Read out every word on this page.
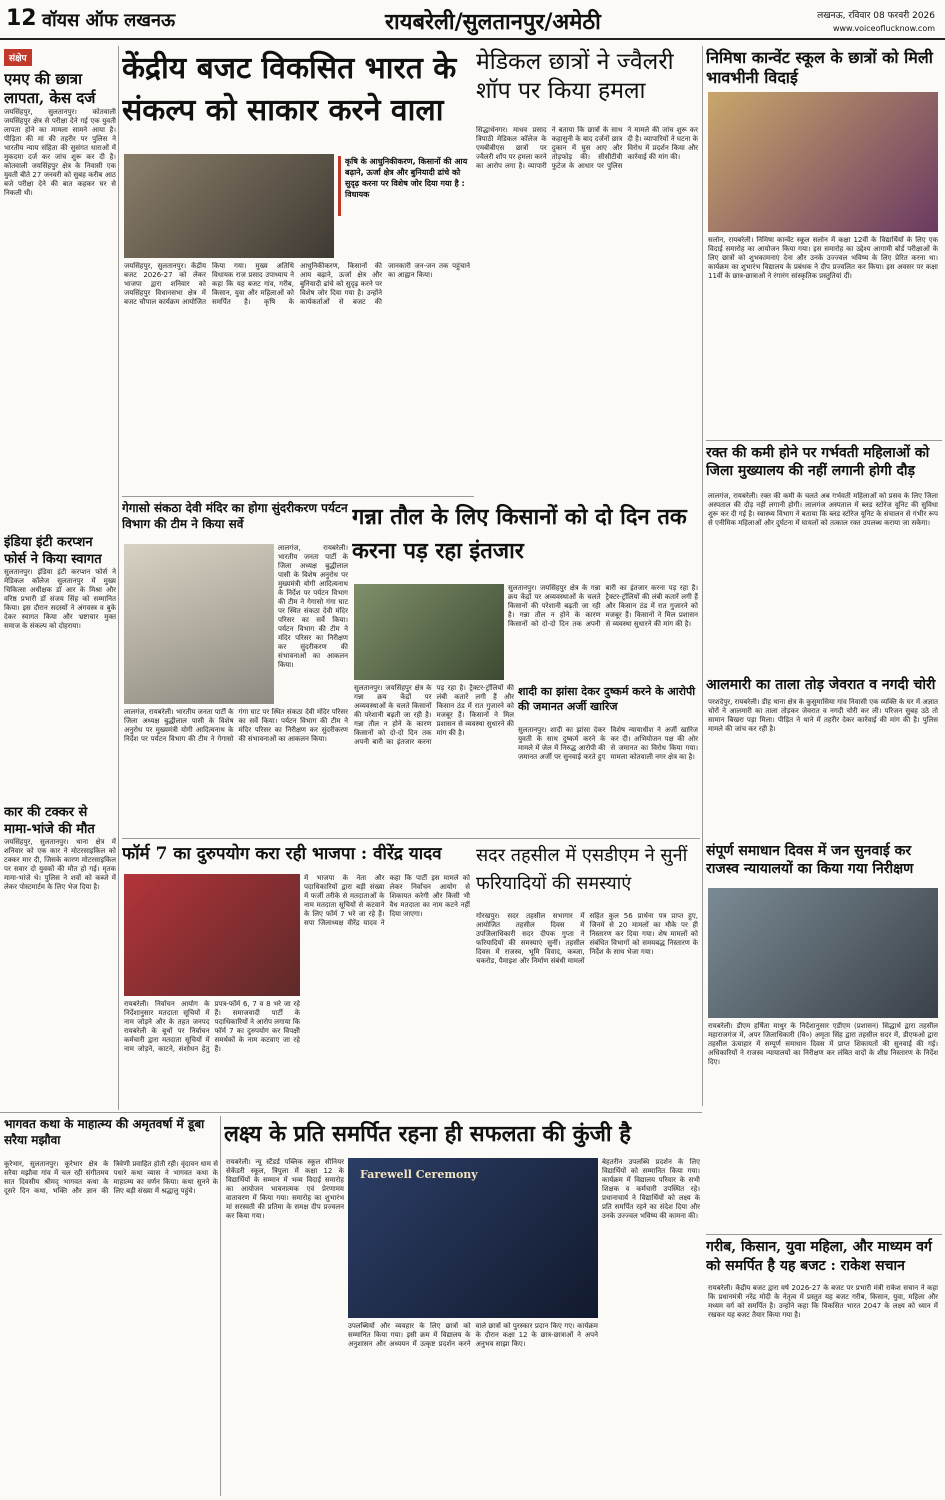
12 वॉयस ऑफ लखनऊ	रायबरेली/सुलतानपुर/अमेठी	लखनऊ, रविवार 08 फरवरी 2026
www.voiceoflucknow.com
संक्षेप
एमए की छात्रा लापता, केस दर्ज
जयसिंहपुर, सुलतानपुर। कोतवाली जयसिंहपुर क्षेत्र से परीक्षा देने गई एक युवती लापता होने का मामला सामने आया है। पीड़िता की मां की तहरीर पर पुलिस ने भारतीय न्याय संहिता की सुसंगत धाराओं में मुकदमा दर्ज कर जांच शुरू कर दी है। कोतवाली जयसिंहपुर क्षेत्र के निवासी एक युवती बीते 27 जनवरी को सुबह करीब आठ बजे परीक्षा देने की बात कहकर घर से निकली थी।
इंडिया इंटी करप्शन फोर्स ने किया स्वागत
सुलतानपुर। इंडिया इंटी करप्शन फोर्स ने मेडिकल कॉलेज सुलतानपुर में मुख्य चिकित्सा अधीक्षक डॉ आर के मिश्रा और वरिष्ठ प्रभारी डॉ संजय सिंह को सम्मानित किया। इस दौरान सदस्यों ने अंगवस्त्र व बुके देकर स्वागत किया और भ्रष्टाचार मुक्त समाज के संकल्प को दोहराया।
कार की टक्कर से मामा-भांजे की मौत
जयसिंहपुर, सुलतानपुर। थाना क्षेत्र में शनिवार को एक कार ने मोटरसाइकिल को टक्कर मार दी, जिसके कारण मोटरसाइकिल पर सवार दो युवकों की मौत हो गई। मृतक मामा-भांजे थे। पुलिस ने शवों को कब्जे में लेकर पोस्टमार्टम के लिए भेज दिया है।
केंद्रीय बजट विकसित भारत के संकल्प को साकार करने वाला
कृषि के आधुनिकीकरण, किसानों की आय बढ़ाने, ऊर्जा क्षेत्र और बुनियादी ढांचे को सुदृढ़ करना पर विशेष जोर दिया गया है : विधायक
जयसिंहपुर, सुलतानपुर। केंद्रीय बजट 2026-27 को लेकर भाजपा द्वारा शनिवार को जयसिंहपुर विधानसभा क्षेत्र में बजट चौपाल कार्यक्रम आयोजित किया गया। मुख्य अतिथि विधायक राज प्रसाद उपाध्याय ने कहा कि यह बजट गांव, गरीब, किसान, युवा और महिलाओं को समर्पित है। कृषि के आधुनिकीकरण, किसानों की आय बढ़ाने, ऊर्जा क्षेत्र और बुनियादी ढांचे को सुदृढ़ करने पर विशेष जोर दिया गया है। उन्होंने कार्यकर्ताओं से बजट की जानकारी जन-जन तक पहुंचाने का आह्वान किया।
मेडिकल छात्रों ने ज्वैलरी शॉप पर किया हमला
सिद्धार्थनगर। माधव प्रसाद त्रिपाठी मेडिकल कॉलेज के एमबीबीएस छात्रों पर ज्वैलरी शॉप पर हमला करने का आरोप लगा है। व्यापारी ने बताया कि छात्रों के साथ कहासुनी के बाद दर्जनों छात्र दुकान में घुस आए और तोड़फोड़ की। सीसीटीवी फुटेज के आधार पर पुलिस ने मामले की जांच शुरू कर दी है। व्यापारियों ने घटना के विरोध में प्रदर्शन किया और कार्रवाई की मांग की।
निमिषा कान्वेंट स्कूल के छात्रों को मिली भावभीनी विदाई
सलोन, रायबरेली। निमिषा कान्वेंट स्कूल सलोन में कक्षा 12वीं के विद्यार्थियों के लिए एक विदाई समारोह का आयोजन किया गया। इस समारोह का उद्देश्य आगामी बोर्ड परीक्षाओं के लिए छात्रों को शुभकामनाएं देना और उनके उज्ज्वल भविष्य के लिए प्रेरित करना था। कार्यक्रम का शुभारंभ विद्यालय के प्रबंधक ने दीप प्रज्वलित कर किया। इस अवसर पर कक्षा 11वीं के छात्र-छात्राओं ने रंगारंग सांस्कृतिक प्रस्तुतियां दीं।
रक्त की कमी होने पर गर्भवती महिलाओं को जिला मुख्यालय की नहीं लगानी होगी दौड़
लालगंज, रायबरेली। रक्त की कमी के चलते अब गर्भवती महिलाओं को प्रसव के लिए जिला अस्पताल की दौड़ नहीं लगानी होगी। लालगंज अस्पताल में ब्लड स्टोरेज यूनिट की सुविधा शुरू कर दी गई है। स्वास्थ्य विभाग ने बताया कि ब्लड स्टोरेज यूनिट के संचालन से गंभीर रूप से एनीमिक महिलाओं और दुर्घटना में घायलों को तत्काल रक्त उपलब्ध कराया जा सकेगा।
आलमारी का ताला तोड़ जेवरात व नगदी चोरी
परशदेपुर, रायबरेली। डीह थाना क्षेत्र के कुसुमासिया गांव निवासी एक व्यक्ति के घर में अज्ञात चोरों ने आलमारी का ताला तोड़कर जेवरात व नगदी चोरी कर ली। परिजन सुबह उठे तो सामान बिखरा पड़ा मिला। पीड़ित ने थाने में तहरीर देकर कार्रवाई की मांग की है। पुलिस मामले की जांच कर रही है।
संपूर्ण समाधान दिवस में जन सुनवाई कर राजस्व न्यायालयों का किया गया निरीक्षण
रायबरेली। डीएम हर्षिता माथुर के निर्देशानुसार एडीएम (प्रशासन) सिद्धार्थ द्वारा तहसील महाराजगंज में, अपर जिलाधिकारी (वि०) अमृता सिंह द्वारा तहसील सदर में, डीएफओ द्वारा तहसील ऊंचाहार में सम्पूर्ण समाधान दिवस में प्राप्त शिकायतों की सुनवाई की गई। अधिकारियों ने राजस्व न्यायालयों का निरीक्षण कर लंबित वादों के शीघ्र निस्तारण के निर्देश दिए।
गेगासो संकठा देवी मंदिर का होगा सुंदरीकरण पर्यटन विभाग की टीम ने किया सर्वे
लालगंज, रायबरेली। भारतीय जनता पार्टी के जिला अध्यक्ष बुद्धीलाल पासी के विशेष अनुरोध पर मुख्यमंत्री योगी आदित्यनाथ के निर्देश पर पर्यटन विभाग की टीम ने गेगासो गंगा घाट पर स्थित संकठा देवी मंदिर परिसर का सर्वे किया। पर्यटन विभाग की टीम ने मंदिर परिसर का निरीक्षण कर सुंदरीकरण की संभावनाओं का आकलन किया।
लालगंज, रायबरेली। भारतीय जनता पार्टी के जिला अध्यक्ष बुद्धीलाल पासी के विशेष अनुरोध पर मुख्यमंत्री योगी आदित्यनाथ के निर्देश पर पर्यटन विभाग की टीम ने गेगासो गंगा घाट पर स्थित संकठा देवी मंदिर परिसर का सर्वे किया। पर्यटन विभाग की टीम ने मंदिर परिसर का निरीक्षण कर सुंदरीकरण की संभावनाओं का आकलन किया।
गन्ना तौल के लिए किसानों को दो दिन तक करना पड़ रहा इंतजार
सुलतानपुर। जयसिंहपुर क्षेत्र के गन्ना क्रय केंद्रों पर अव्यवस्थाओं के चलते किसानों की परेशानी बढ़ती जा रही है। गन्ना तौल न होने के कारण किसानों को दो-दो दिन तक अपनी बारी का इंतजार करना पड़ रहा है। ट्रैक्टर-ट्रॉलियों की लंबी कतारें लगी हैं और किसान ठंड में रात गुजारने को मजबूर हैं। किसानों ने मिल प्रशासन से व्यवस्था सुधारने की मांग की है।
सुलतानपुर। जयसिंहपुर क्षेत्र के गन्ना क्रय केंद्रों पर अव्यवस्थाओं के चलते किसानों की परेशानी बढ़ती जा रही है। गन्ना तौल न होने के कारण किसानों को दो-दो दिन तक अपनी बारी का इंतजार करना पड़ रहा है। ट्रैक्टर-ट्रॉलियों की लंबी कतारें लगी हैं और किसान ठंड में रात गुजारने को मजबूर हैं। किसानों ने मिल प्रशासन से व्यवस्था सुधारने की मांग की है।
शादी का झांसा देकर दुष्कर्म करने के आरोपी की जमानत अर्जी खारिज
सुलतानपुर। शादी का झांसा देकर युवती के साथ दुष्कर्म करने के मामले में जेल में निरुद्ध आरोपी की जमानत अर्जी पर सुनवाई करते हुए विशेष न्यायाधीश ने अर्जी खारिज कर दी। अभियोजन पक्ष की ओर से जमानत का विरोध किया गया। मामला कोतवाली नगर क्षेत्र का है।
फॉर्म 7 का दुरुपयोग करा रही भाजपा : वीरेंद्र यादव
रायबरेली। निर्वाचन आयोग के निर्देशानुसार मतदाता सूचियों में नाम जोड़ने और के तहत जनपद रायबरेली के बूथों पर निर्वाचन कर्मचारी द्वारा मतदाता सूचियों में नाम जोड़ने, काटने, संशोधन हेतु प्रपत्र-फॉर्म 6, 7 व 8 भरे जा रहे हैं। समाजवादी पार्टी के पदाधिकारियों ने आरोप लगाया कि फॉर्म 7 का दुरुपयोग कर विपक्षी समर्थकों के नाम कटवाए जा रहे हैं।
में भाजपा के नेता और पदाधिकारियों द्वारा बड़ी संख्या में फर्जी तरीके से मतदाताओं के नाम मतदाता सूचियों से कटवाने के लिए फॉर्म 7 भरे जा रहे हैं। सपा जिलाध्यक्ष वीरेंद्र यादव ने कहा कि पार्टी इस मामले को लेकर निर्वाचन आयोग से शिकायत करेगी और किसी भी वैध मतदाता का नाम कटने नहीं दिया जाएगा।
सदर तहसील में एसडीएम ने सुनीं फरियादियों की समस्याएं
गोरखपुर। सदर तहसील सभागार में आयोजित तहसील दिवस में उपजिलाधिकारी सदर दीपक गुप्ता ने फरियादियों की समस्याएं सुनीं। तहसील दिवस में राजस्व, भूमि विवाद, कब्जा, चकरोड, पैमाइश और निर्माण संबंधी मामलों सहित कुल 56 प्रार्थना पत्र प्राप्त हुए, जिनमें से 20 मामलों का मौके पर ही निस्तारण कर दिया गया। शेष मामलों को संबंधित विभागों को समयबद्ध निस्तारण के निर्देश के साथ भेजा गया।
भागवत कथा के माहात्म्य की अमृतवर्षा में डूबा सरैया मझौवा
कूरेभार, सुलतानपुर। कूरेभार क्षेत्र के सरैया मझौवा गांव में चल रही संगीतमय सात दिवसीय श्रीमद् भागवत कथा के दूसरे दिन कथा, भक्ति और ज्ञान की त्रिवेणी प्रवाहित होती रही। वृंदावन धाम से पधारे कथा व्यास ने भागवत कथा के माहात्म्य का वर्णन किया। कथा सुनने के लिए बड़ी संख्या में श्रद्धालु पहुंचे।
लक्ष्य के प्रति समर्पित रहना ही सफलता की कुंजी है
रायबरेली। न्यू स्टैंडर्ड पब्लिक स्कूल सीनियर सेकेंडरी स्कूल, त्रिपुला में कक्षा 12 के विद्यार्थियों के सम्मान में भव्य विदाई समारोह का आयोजन भावनात्मक एवं प्रेरणामय वातावरण में किया गया। समारोह का शुभारंभ मां सरस्वती की प्रतिमा के समक्ष दीप प्रज्वलन कर किया गया।
Farewell Ceremony
उपलब्धियों और व्यवहार के लिए छात्रों को सम्मानित किया गया। इसी क्रम में विद्यालय के अनुशासन और अध्ययन में उत्कृष्ट प्रदर्शन करने वाले छात्रों को पुरस्कार प्रदान किए गए। कार्यक्रम के दौरान कक्षा 12 के छात्र-छात्राओं ने अपने अनुभव साझा किए।
बेहतरीन उपलब्धि प्रदर्शन के लिए विद्यार्थियों को सम्मानित किया गया। कार्यक्रम में विद्यालय परिवार के सभी शिक्षक व कर्मचारी उपस्थित रहे। प्रधानाचार्य ने विद्यार्थियों को लक्ष्य के प्रति समर्पित रहने का संदेश दिया और उनके उज्ज्वल भविष्य की कामना की।
गरीब, किसान, युवा महिला, और माध्यम वर्ग को समर्पित है यह बजट : राकेश सचान
रायबरेली। केंद्रीय बजट द्वारा वर्ष 2026-27 के बजट पर प्रभारी मंत्री राकेश सचान ने कहा कि प्रधानमंत्री नरेंद्र मोदी के नेतृत्व में प्रस्तुत यह बजट गरीब, किसान, युवा, महिला और मध्यम वर्ग को समर्पित है। उन्होंने कहा कि विकसित भारत 2047 के लक्ष्य को ध्यान में रखकर यह बजट तैयार किया गया है।
